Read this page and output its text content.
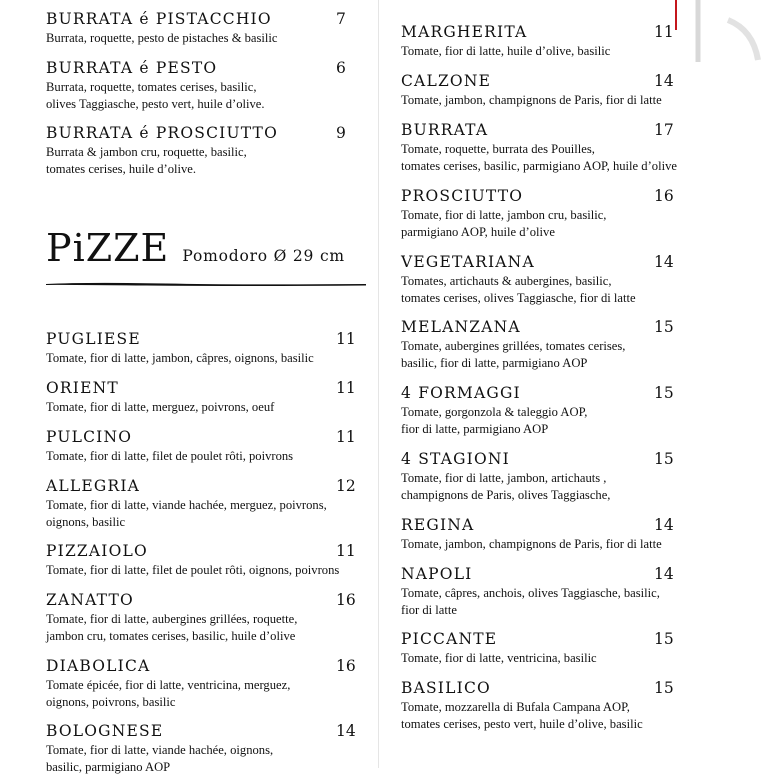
BURRATA é PISTACCHIO	7
Burrata, roquette, pesto de pistaches & basilic
BURRATA é PESTO	6
Burrata, roquette, tomates cerises, basilic,
olives Taggiasche, pesto vert, huile d’olive.
BURRATA é PROSCIUTTO	9
Burrata & jambon cru, roquette, basilic,
tomates cerises, huile d’olive.
PiZZE Pomodoro Ø 29 cm
PUGLIESE	11
Tomate, fior di latte, jambon, câpres, oignons, basilic
ORIENT	11
Tomate, fior di latte, merguez, poivrons, oeuf
PULCINO	11
Tomate, fior di latte, filet de poulet rôti, poivrons
ALLEGRIA	12
Tomate, fior di latte, viande hachée, merguez, poivrons,
oignons, basilic
PIZZAIOLO	11
Tomate, fior di latte, filet de poulet rôti, oignons, poivrons
ZANATTO	16
Tomate, fior di latte, aubergines grillées, roquette,
jambon cru, tomates cerises, basilic, huile d’olive
DIABOLICA	16
Tomate épicée, fior di latte, ventricina, merguez,
oignons, poivrons, basilic
BOLOGNESE	14
Tomate, fior di latte, viande hachée, oignons,
basilic, parmigiano AOP
MARGHERITA	11
Tomate, fior di latte, huile d’olive, basilic
CALZONE	14
Tomate, jambon, champignons de Paris, fior di latte
BURRATA	17
Tomate, roquette, burrata des Pouilles,
tomates cerises, basilic, parmigiano AOP, huile d’olive
PROSCIUTTO	16
Tomate, fior di latte, jambon cru, basilic,
parmigiano AOP, huile d’olive
VEGETARIANA	14
Tomates, artichauts & aubergines, basilic,
tomates cerises, olives Taggiasche, fior di latte
MELANZANA	15
Tomate, aubergines grillées, tomates cerises,
basilic, fior di latte, parmigiano AOP
4 FORMAGGI	15
Tomate, gorgonzola & taleggio AOP,
fior di latte, parmigiano AOP
4 STAGIONI	15
Tomate, fior di latte, jambon, artichauts ,
champignons de Paris, olives Taggiasche,
REGINA	14
Tomate, jambon, champignons de Paris, fior di latte
NAPOLI	14
Tomate, câpres, anchois, olives Taggiasche, basilic,
fior di latte
PICCANTE	15
Tomate, fior di latte, ventricina, basilic
BASILICO	15
Tomate, mozzarella di Bufala Campana AOP,
tomates cerises, pesto vert, huile d’olive, basilic
